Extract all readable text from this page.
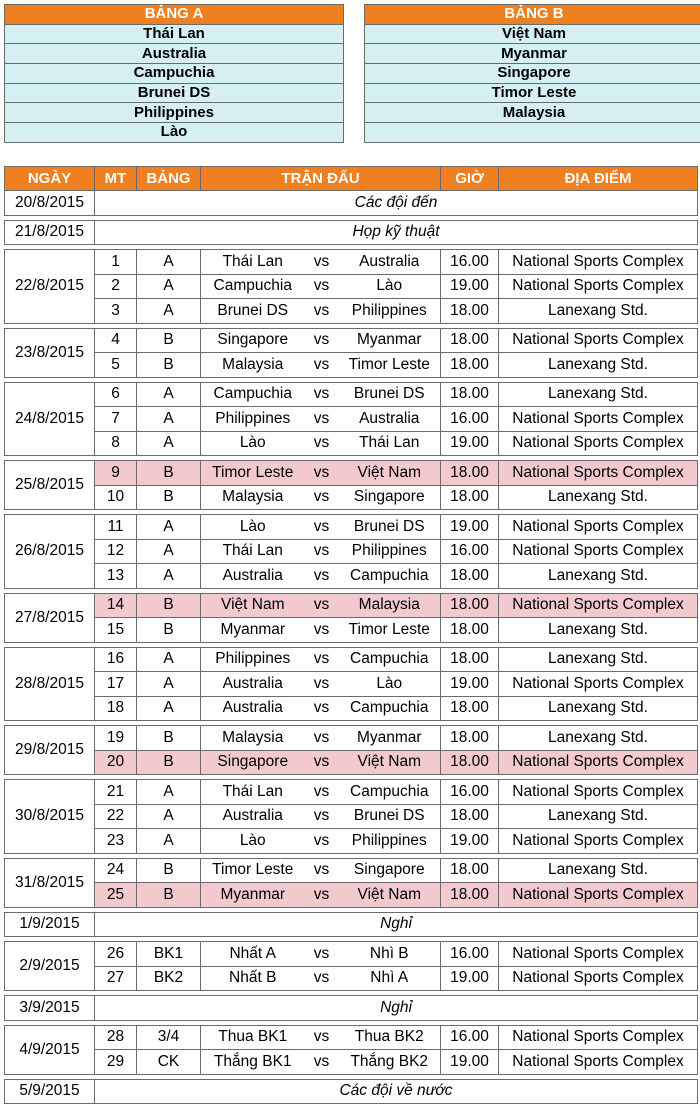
BẢNG A
Thái Lan
Australia
Campuchia
Brunei DS
Philippines
Lào
BẢNG B
Việt Nam
Myanmar
Singapore
Timor Leste
Malaysia

NGÀY	MT	BẢNG	TRẬN ĐẤU			GIỜ	ĐỊA ĐIỂM
20/8/2015	Các đội đến						

21/8/2015	Họp kỹ thuật						

22/8/2015	1	A	Thái Lan	vs	Australia	16.00	National Sports Complex
	2	A	Campuchia	vs	Lào	19.00	National Sports Complex
	3	A	Brunei DS	vs	Philippines	18.00	Lanexang Std.

23/8/2015	4	B	Singapore	vs	Myanmar	18.00	National Sports Complex
	5	B	Malaysia	vs	Timor Leste	18.00	Lanexang Std.

24/8/2015	6	A	Campuchia	vs	Brunei DS	18.00	Lanexang Std.
	7	A	Philippines	vs	Australia	16.00	National Sports Complex
	8	A	Lào	vs	Thái Lan	19.00	National Sports Complex

25/8/2015	9	B	Timor Leste	vs	Việt Nam	18.00	National Sports Complex
	10	B	Malaysia	vs	Singapore	18.00	Lanexang Std.

26/8/2015	11	A	Lào	vs	Brunei DS	19.00	National Sports Complex
	12	A	Thái Lan	vs	Philippines	16.00	National Sports Complex
	13	A	Australia	vs	Campuchia	18.00	Lanexang Std.

27/8/2015	14	B	Việt Nam	vs	Malaysia	18.00	National Sports Complex
	15	B	Myanmar	vs	Timor Leste	18.00	Lanexang Std.

28/8/2015	16	A	Philippines	vs	Campuchia	18.00	Lanexang Std.
	17	A	Australia	vs	Lào	19.00	National Sports Complex
	18	A	Australia	vs	Campuchia	18.00	Lanexang Std.

29/8/2015	19	B	Malaysia	vs	Myanmar	18.00	Lanexang Std.
	20	B	Singapore	vs	Việt Nam	18.00	National Sports Complex

30/8/2015	21	A	Thái Lan	vs	Campuchia	16.00	National Sports Complex
	22	A	Australia	vs	Brunei DS	18.00	Lanexang Std.
	23	A	Lào	vs	Philippines	19.00	National Sports Complex

31/8/2015	24	B	Timor Leste	vs	Singapore	18.00	Lanexang Std.
	25	B	Myanmar	vs	Việt Nam	18.00	National Sports Complex

1/9/2015	Nghỉ						

2/9/2015	26	BK1	Nhất A	vs	Nhì B	16.00	National Sports Complex
	27	BK2	Nhất B	vs	Nhì A	19.00	National Sports Complex

3/9/2015	Nghỉ						

4/9/2015	28	3/4	Thua BK1	vs	Thua BK2	16.00	National Sports Complex
	29	CK	Thắng BK1	vs	Thắng BK2	19.00	National Sports Complex

5/9/2015	Các đội về nước						
